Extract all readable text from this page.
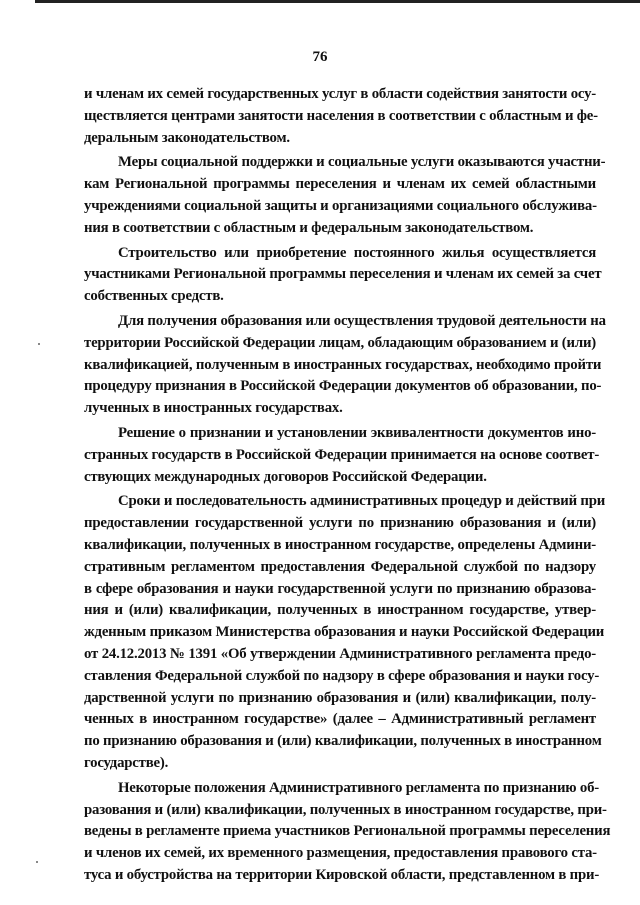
76
и членам их семей государственных услуг в области содействия занятости осу-
ществляется центрами занятости населения в соответствии с областным и фе-
деральным законодательством.
Меры социальной поддержки и социальные услуги оказываются участни-
кам Региональной программы переселения и членам их семей областными
учреждениями социальной защиты и организациями социального обслужива-
ния в соответствии с областным и федеральным законодательством.
Строительство или приобретение постоянного жилья осуществляется
участниками Региональной программы переселения и членам их семей за счет
собственных средств.
Для получения образования или осуществления трудовой деятельности на
территории Российской Федерации лицам, обладающим образованием и (или)
квалификацией, полученным в иностранных государствах, необходимо пройти
процедуру признания в Российской Федерации документов об образовании, по-
лученных в иностранных государствах.
Решение о признании и установлении эквивалентности документов ино-
странных государств в Российской Федерации принимается на основе соответ-
ствующих международных договоров Российской Федерации.
Сроки и последовательность административных процедур и действий при
предоставлении государственной услуги по признанию образования и (или)
квалификации, полученных в иностранном государстве, определены Админи-
стративным регламентом предоставления Федеральной службой по надзору
в сфере образования и науки государственной услуги по признанию образова-
ния и (или) квалификации, полученных в иностранном государстве, утвер-
жденным приказом Министерства образования и науки Российской Федерации
от 24.12.2013 № 1391 «Об утверждении Административного регламента предо-
ставления Федеральной службой по надзору в сфере образования и науки госу-
дарственной услуги по признанию образования и (или) квалификации, полу-
ченных в иностранном государстве» (далее – Административный регламент
по признанию образования и (или) квалификации, полученных в иностранном
государстве).
Некоторые положения Административного регламента по признанию об-
разования и (или) квалификации, полученных в иностранном государстве, при-
ведены в регламенте приема участников Региональной программы переселения
и членов их семей, их временного размещения, предоставления правового ста-
туса и обустройства на территории Кировской области, представленном в при-
